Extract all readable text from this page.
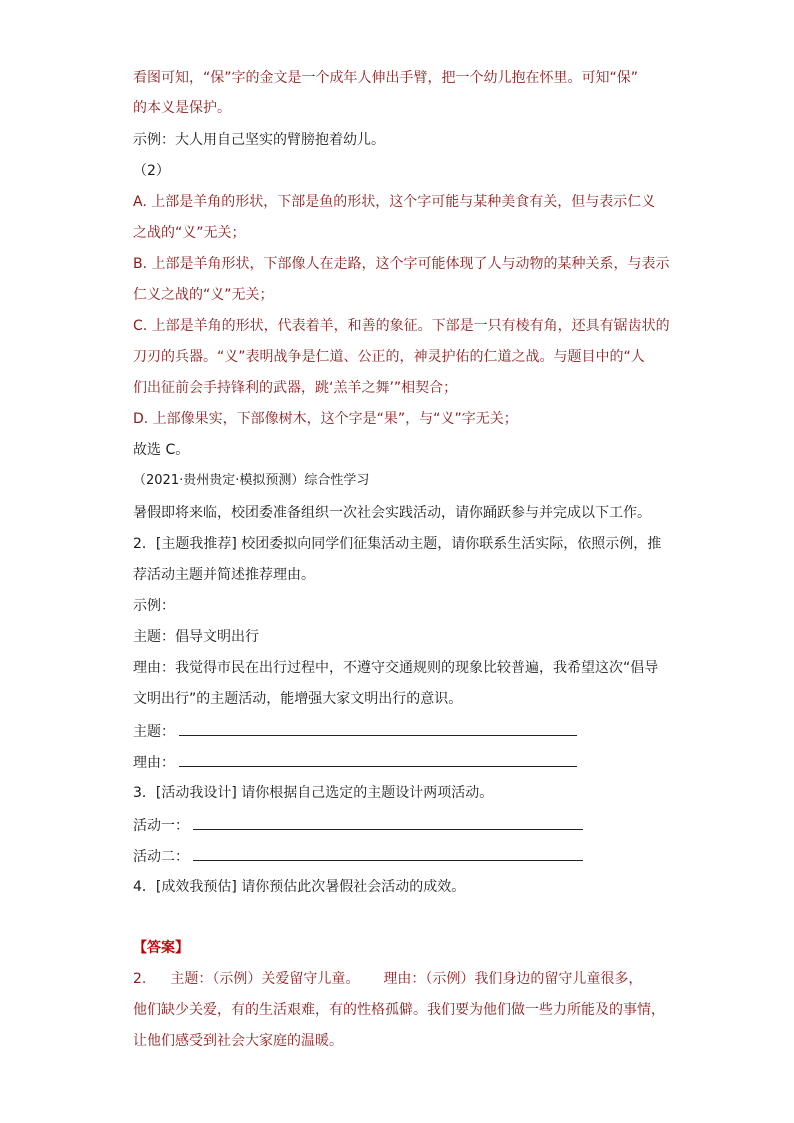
看图可知，“保”字的金文是一个成年人伸出手臂，把一个幼儿抱在怀里。可知“保”
的本义是保护。
示例：大人用自己坚实的臂膀抱着幼儿。
（2）
A. 上部是羊角的形状，下部是鱼的形状，这个字可能与某种美食有关，但与表示仁义
之战的“义”无关；
B. 上部是羊角形状，下部像人在走路，这个字可能体现了人与动物的某种关系，与表示
仁义之战的“义”无关；
C. 上部是羊角的形状，代表着羊，和善的象征。下部是一只有棱有角，还具有锯齿状的
刀刃的兵器。“义”表明战争是仁道、公正的，神灵护佑的仁道之战。与题目中的“人
们出征前会手持锋利的武器，跳‘羔羊之舞’”相契合；
D. 上部像果实，下部像树木，这个字是“果”，与“义”字无关；
故选 C。
（2021·贵州贵定·模拟预测）综合性学习
暑假即将来临，校团委准备组织一次社会实践活动，请你踊跃参与并完成以下工作。
2．[主题我推荐] 校团委拟向同学们征集活动主题，请你联系生活实际，依照示例，推
荐活动主题并简述推荐理由。
示例：
主题：倡导文明出行
理由：我觉得市民在出行过程中，不遵守交通规则的现象比较普遍，我希望这次“倡导
文明出行”的主题活动，能增强大家文明出行的意识。
主题：
理由：
3．[活动我设计] 请你根据自己选定的主题设计两项活动。
活动一：
活动二：
4．[成效我预估] 请你预估此次暑假社会活动的成效。
【答案】
2. 主题：（示例）关爱留守儿童。 理由：（示例）我们身边的留守儿童很多，
他们缺少关爱，有的生活艰难，有的性格孤僻。我们要为他们做一些力所能及的事情，
让他们感受到社会大家庭的温暖。
